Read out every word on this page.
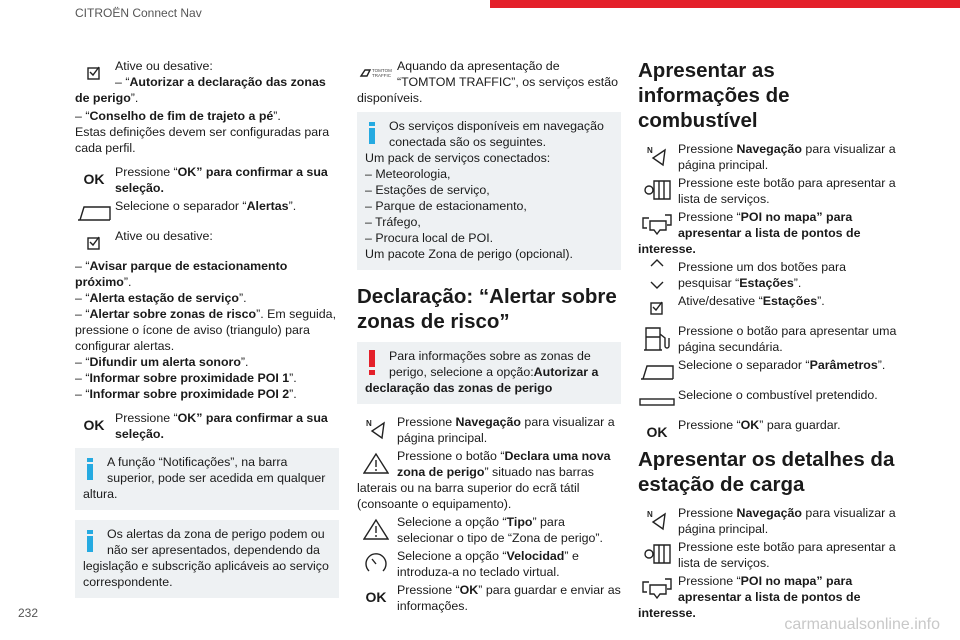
CITROËN Connect Nav
232
Ative ou desative:
– “Autorizar a declaração das zonas de perigo”.
– “Conselho de fim de trajeto a pé”.
Estas definições devem ser configuradas para cada perfil.
OK Pressione “OK” para confirmar a sua seleção.
Selecione o separador “Alertas”.
Ative ou desative:
– “Avisar parque de estacionamento próximo”.
– “Alerta estação de serviço”.
– “Alertar sobre zonas de risco”. Em seguida, pressione o ícone de aviso (triangulo) para configurar alertas.
– “Difundir um alerta sonoro”.
– “Informar sobre proximidade POI 1”.
– “Informar sobre proximidade POI 2”.
OK Pressione “OK” para confirmar a sua seleção.
A função “Notificações”, na barra superior, pode ser acedida em qualquer altura.
Os alertas da zona de perigo podem ou não ser apresentados, dependendo da legislação e subscrição aplicáveis ao serviço correspondente.
TOMTOM
TRAFFIC
Aquando da apresentação de “TOMTOM TRAFFIC”, os serviços estão disponíveis.
Os serviços disponíveis em navegação conectada são os seguintes.
Um pack de serviços conectados:
– Meteorologia,
– Estações de serviço,
– Parque de estacionamento,
– Tráfego,
– Procura local de POI.
Um pacote Zona de perigo (opcional).
Declaração: “Alertar sobre zonas de risco”
Para informações sobre as zonas de perigo, selecione a opção:Autorizar a declaração das zonas de perigo
N	Pressione Navegação para visualizar a página principal.
Pressione o botão “Declara uma nova zona de perigo” situado nas barras laterais ou na barra superior do ecrã tátil (consoante o equipamento).
Selecione a opção “Tipo” para selecionar o tipo de “Zona de perigo”.
Selecione a opção “Velocidad” e introduza-a no teclado virtual.
OK Pressione “OK” para guardar e enviar as informações.
Apresentar as informações de combustível
N	Pressione Navegação para visualizar a página principal.
Pressione este botão para apresentar a lista de serviços.
Pressione “POI no mapa” para apresentar a lista de pontos de interesse.
Pressione um dos botões para pesquisar “Estações”.
Ative/desative “Estações”.
Pressione o botão para apresentar uma página secundária.
Selecione o separador “Parâmetros”.
Selecione o combustível pretendido.
OK Pressione “OK” para guardar.
Apresentar os detalhes da estação de carga
N	Pressione Navegação para visualizar a página principal.
Pressione este botão para apresentar a lista de serviços.
Pressione “POI no mapa” para apresentar a lista de pontos de interesse.
carmanualsonline.info
